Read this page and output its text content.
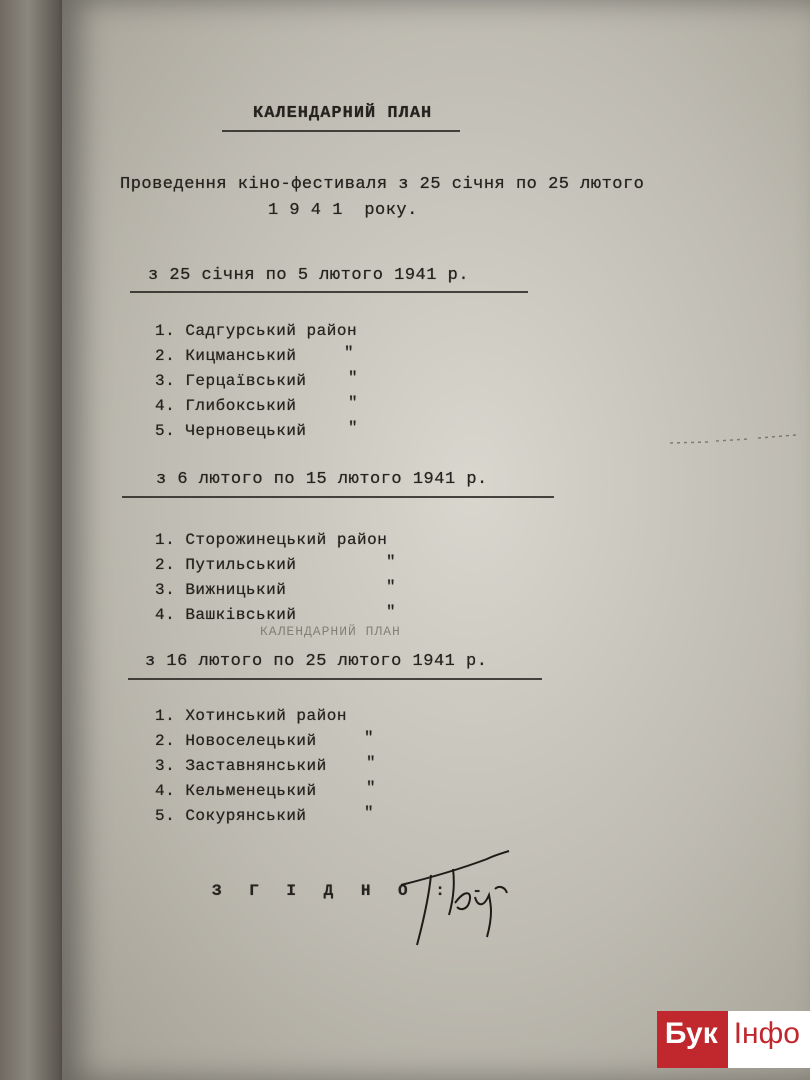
КАЛЕНДАРНИЙ ПЛАН
Проведення кіно-фестиваля з 25 січня по 25 лютого
1 9 4 1  року.
з 25 січня по 5 лютого 1941 р.
1. Садгурський район
2. Кицманський	"
3. Герцаївський	"
4. Глибокський	"
5. Черновецький	"
з 6 лютого по 15 лютого 1941 р.
1. Сторожинецький район
2. Путильський	"
3. Вижницький	"
4. Вашківський	"
КАЛЕНДАРНИЙ ПЛАН
з 16 лютого по 25 лютого 1941 р.
1. Хотинський район
2. Новоселецький	"
3. Заставнянський "
4. Кельменецький	"
5. Сокурянський	"
З Г І Д Н О : -
Бук Інфо
